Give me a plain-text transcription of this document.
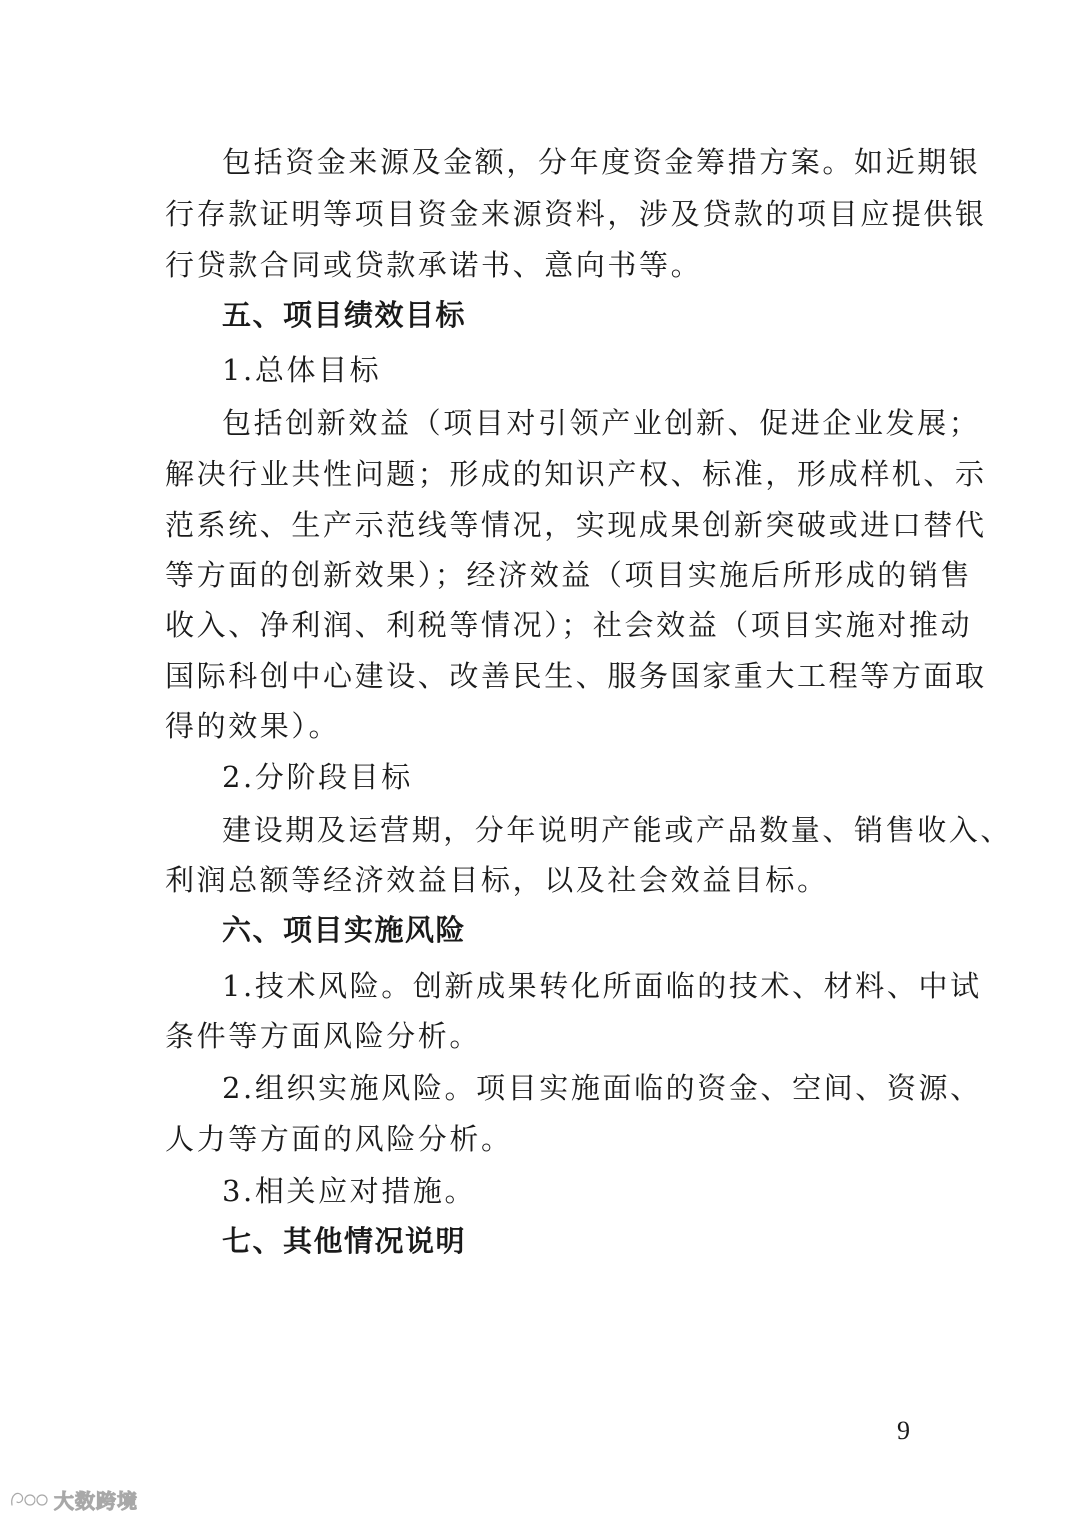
包括资金来源及金额，分年度资金筹措方案。如近期银
行存款证明等项目资金来源资料，涉及贷款的项目应提供银
行贷款合同或贷款承诺书、意向书等。
五、项目绩效目标
1.总体目标
包括创新效益（项目对引领产业创新、促进企业发展；
解决行业共性问题；形成的知识产权、标准，形成样机、示
范系统、生产示范线等情况，实现成果创新突破或进口替代
等方面的创新效果）；经济效益（项目实施后所形成的销售
收入、净利润、利税等情况）；社会效益（项目实施对推动
国际科创中心建设、改善民生、服务国家重大工程等方面取
得的效果）。
2.分阶段目标
建设期及运营期，分年说明产能或产品数量、销售收入、
利润总额等经济效益目标，以及社会效益目标。
六、项目实施风险
1.技术风险。创新成果转化所面临的技术、材料、中试
条件等方面风险分析。
2.组织实施风险。项目实施面临的资金、空间、资源、
人力等方面的风险分析。
3.相关应对措施。
七、其他情况说明
9
大数跨境
